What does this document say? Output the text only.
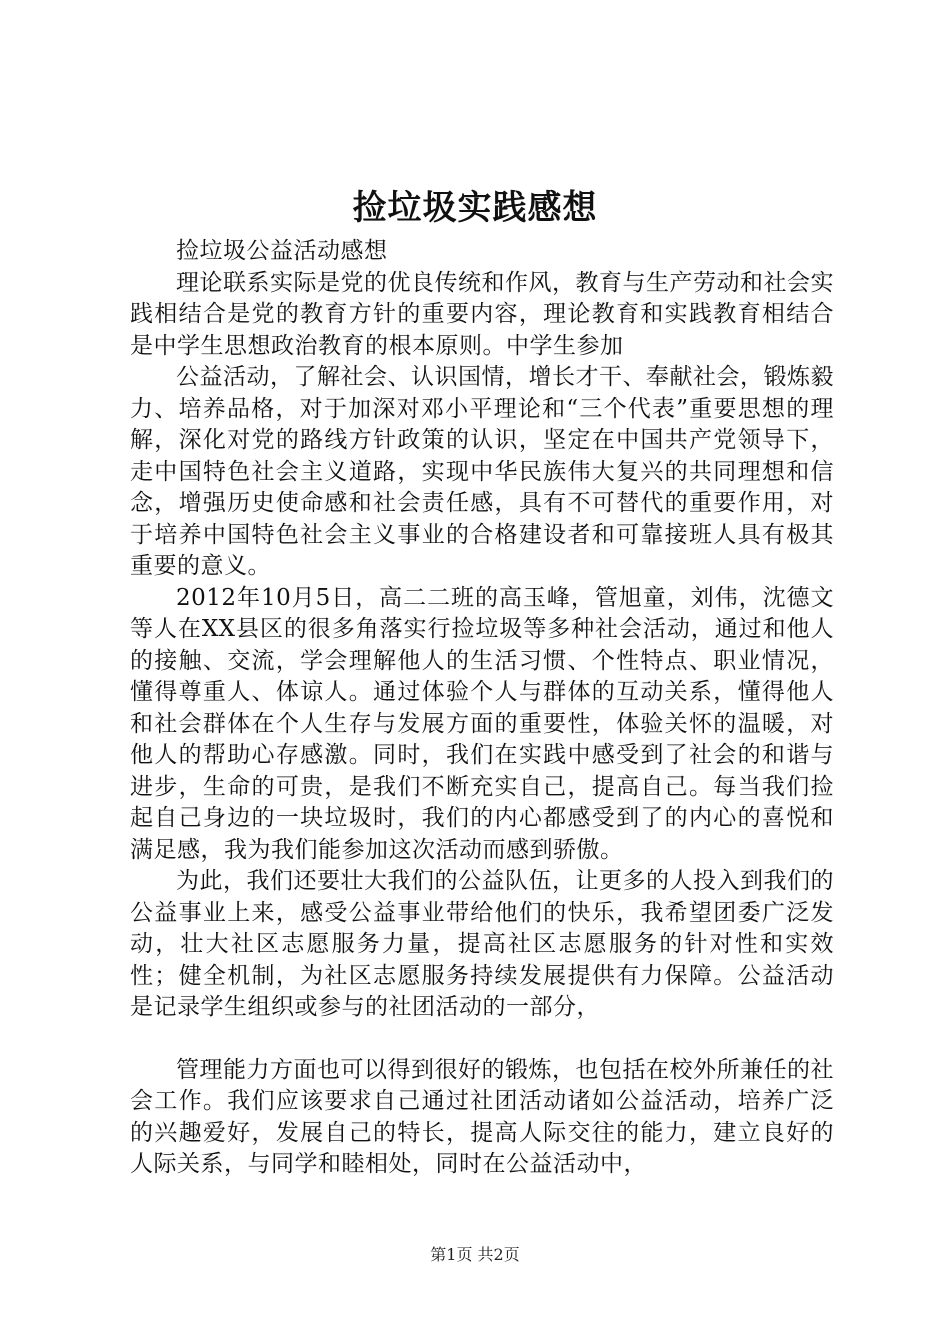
捡垃圾实践感想

捡垃圾公益活动感想

理论联系实际是党的优良传统和作风，教育与生产劳动和社会实践相结合是党的教育方针的重要内容，理论教育和实践教育相结合是中学生思想政治教育的根本原则。中学生参加

公益活动，了解社会、认识国情，增长才干、奉献社会，锻炼毅力、培养品格，对于加深对邓小平理论和“三个代表”重要思想的理解，深化对党的路线方针政策的认识，坚定在中国共产党领导下，走中国特色社会主义道路，实现中华民族伟大复兴的共同理想和信念，增强历史使命感和社会责任感，具有不可替代的重要作用，对于培养中国特色社会主义事业的合格建设者和可靠接班人具有极其重要的意义。

2012年10月5日，高二二班的高玉峰，管旭童，刘伟，沈德文等人在XX县区的很多角落实行捡垃圾等多种社会活动，通过和他人的接触、交流，学会理解他人的生活习惯、个性特点、职业情况，懂得尊重人、体谅人。通过体验个人与群体的互动关系，懂得他人和社会群体在个人生存与发展方面的重要性，体验关怀的温暖，对他人的帮助心存感激。同时，我们在实践中感受到了社会的和谐与进步，生命的可贵，是我们不断充实自己，提高自己。每当我们捡起自己身边的一块垃圾时，我们的内心都感受到了的内心的喜悦和满足感，我为我们能参加这次活动而感到骄傲。

为此，我们还要壮大我们的公益队伍，让更多的人投入到我们的公益事业上来，感受公益事业带给他们的快乐，我希望团委广泛发动，壮大社区志愿服务力量，提高社区志愿服务的针对性和实效性；健全机制，为社区志愿服务持续发展提供有力保障。公益活动是记录学生组织或参与的社团活动的一部分，

管理能力方面也可以得到很好的锻炼，也包括在校外所兼任的社会工作。我们应该要求自己通过社团活动诸如公益活动，培养广泛的兴趣爱好，发展自己的特长，提高人际交往的能力，建立良好的人际关系，与同学和睦相处，同时在公益活动中，

第1页 共2页
